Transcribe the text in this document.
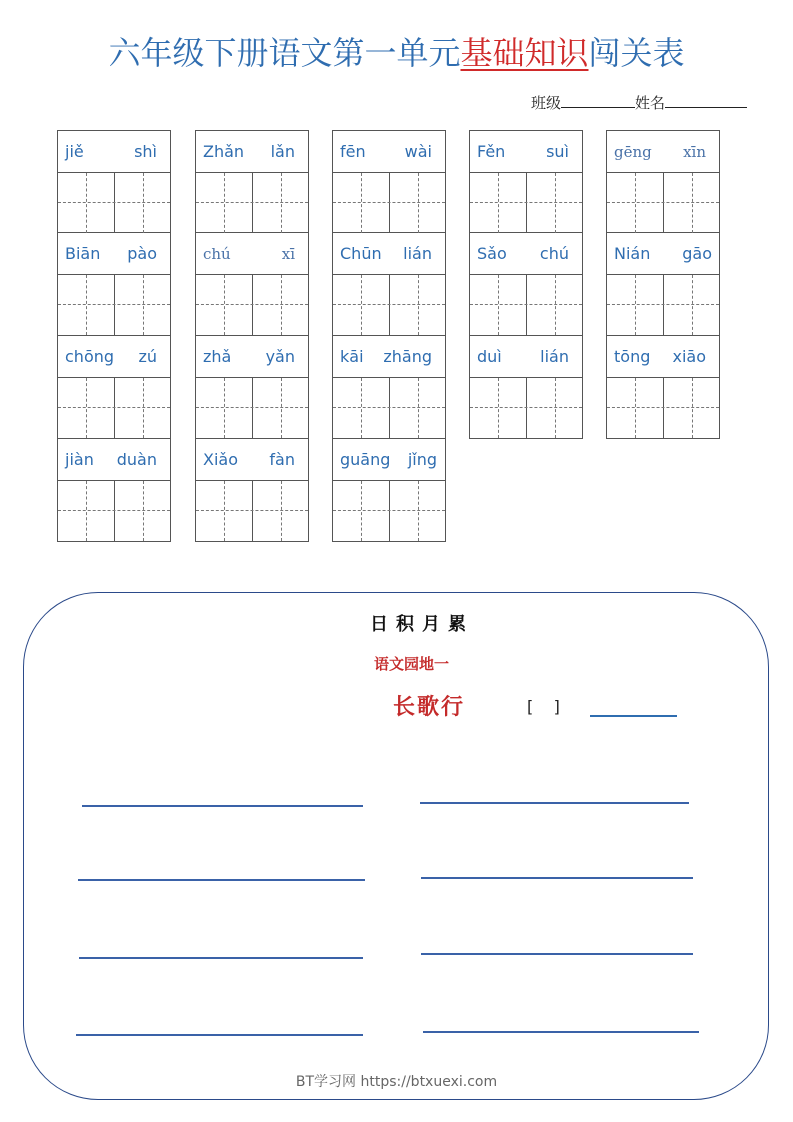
六年级下册语文第一单元基础知识闯关表
班级	姓名
jiě	shì
Biān pào
chōng zú
jiàn duàn
Zhǎn lǎn
chú	xī
zhǎ yǎn
Xiǎo fàn
fēn wài
Chūn lián
kāi zhāng
guāng jǐng
Fěn	suì
Sǎo chú
duì lián
gēng xīn
Nián gāo
tōng xiāo
日积月累
语文园地一
长歌行	[    ]
BT学习网 https://btxuexi.com
